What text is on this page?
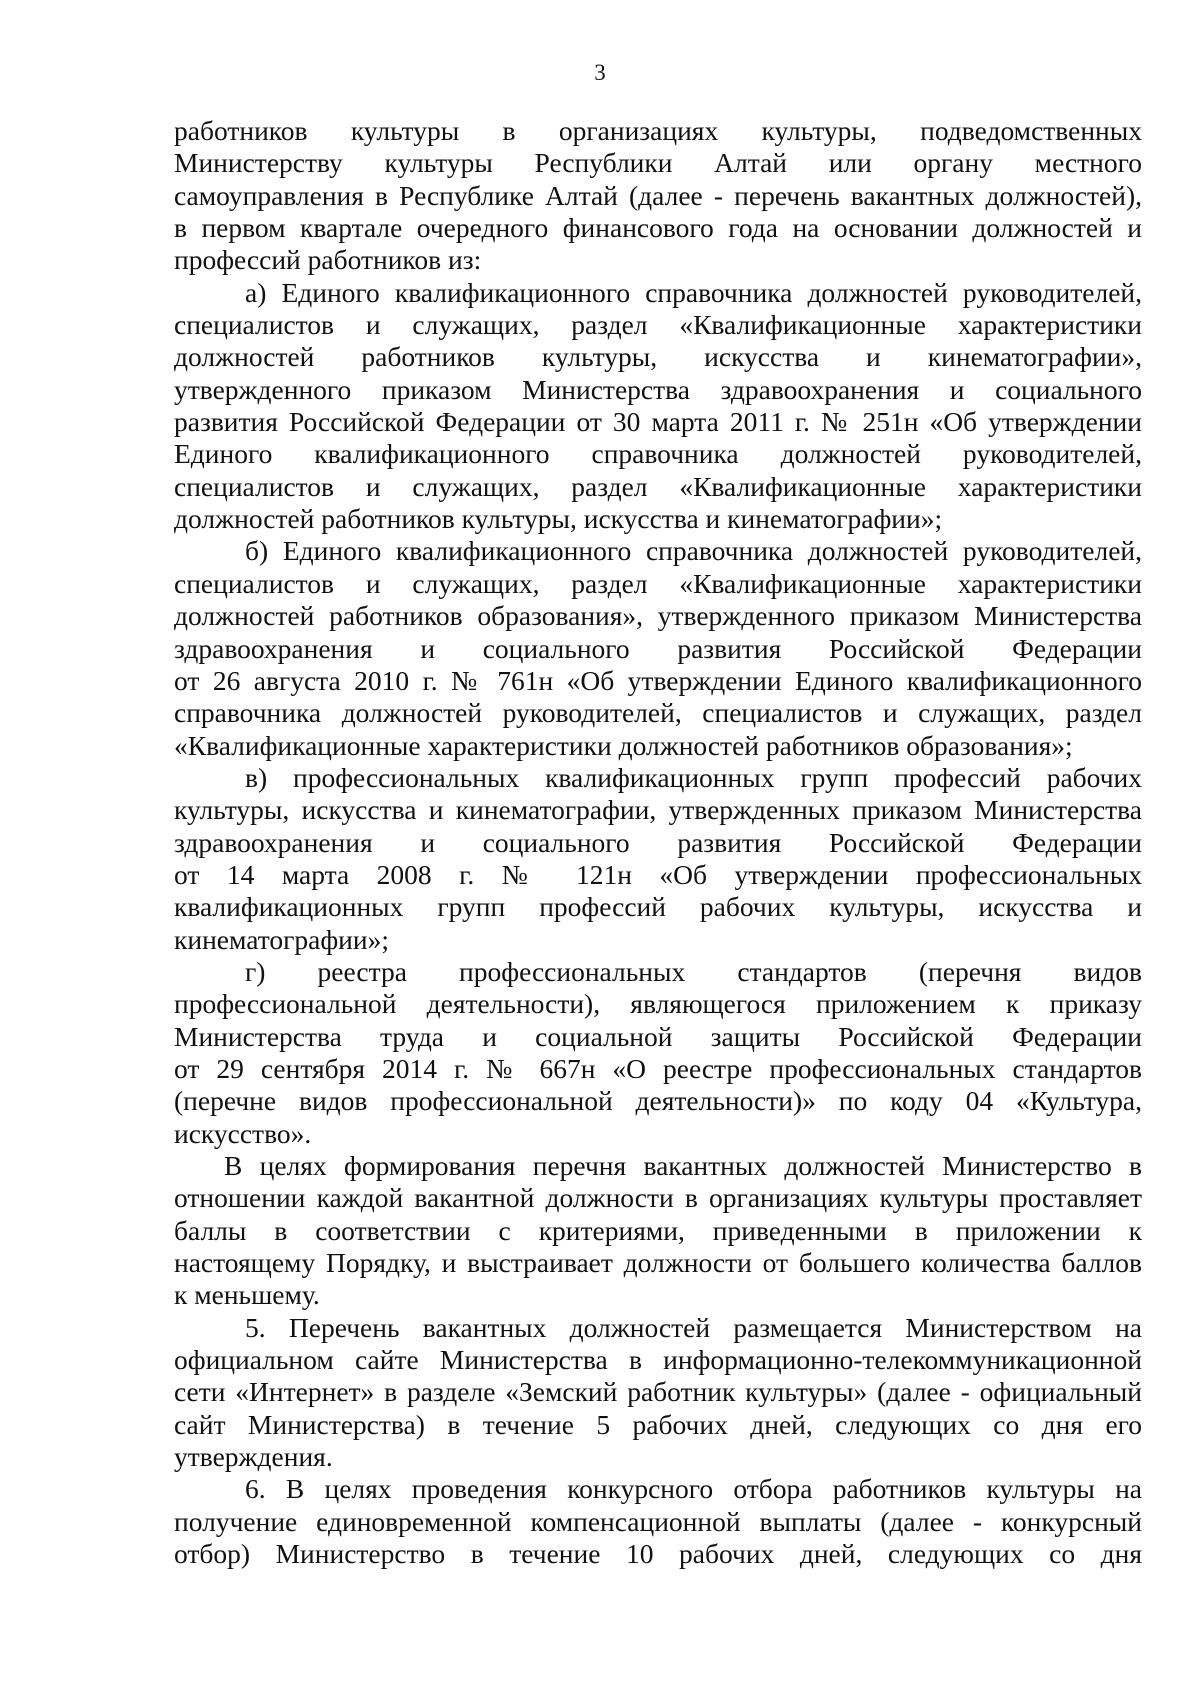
3
работников культуры в организациях культуры, подведомственных
Министерству культуры Республики Алтай или органу местного
самоуправления в Республике Алтай (далее - перечень вакантных должностей),
в первом квартале очередного финансового года на основании должностей и
профессий работников из:
а) Единого квалификационного справочника должностей руководителей,
специалистов и служащих, раздел «Квалификационные характеристики
должностей работников культуры, искусства и кинематографии»,
утвержденного приказом Министерства здравоохранения и социального
развития Российской Федерации от 30 марта 2011 г. № 251н «Об утверждении
Единого квалификационного справочника должностей руководителей,
специалистов и служащих, раздел «Квалификационные характеристики
должностей работников культуры, искусства и кинематографии»;
б) Единого квалификационного справочника должностей руководителей,
специалистов и служащих, раздел «Квалификационные характеристики
должностей работников образования», утвержденного приказом Министерства
здравоохранения и социального развития Российской Федерации
от 26 августа 2010 г. № 761н «Об утверждении Единого квалификационного
справочника должностей руководителей, специалистов и служащих, раздел
«Квалификационные характеристики должностей работников образования»;
в) профессиональных квалификационных групп профессий рабочих
культуры, искусства и кинематографии, утвержденных приказом Министерства
здравоохранения и социального развития Российской Федерации
от 14 марта 2008 г. № 121н «Об утверждении профессиональных
квалификационных групп профессий рабочих культуры, искусства и
кинематографии»;
г) реестра профессиональных стандартов (перечня видов
профессиональной деятельности), являющегося приложением к приказу
Министерства труда и социальной защиты Российской Федерации
от 29 сентября 2014 г. № 667н «О реестре профессиональных стандартов
(перечне видов профессиональной деятельности)» по коду 04 «Культура,
искусство».
В целях формирования перечня вакантных должностей Министерство в
отношении каждой вакантной должности в организациях культуры проставляет
баллы в соответствии с критериями, приведенными в приложении к
настоящему Порядку, и выстраивает должности от большего количества баллов
к меньшему.
5. Перечень вакантных должностей размещается Министерством на
официальном сайте Министерства в информационно-телекоммуникационной
сети «Интернет» в разделе «Земский работник культуры» (далее - официальный
сайт Министерства) в течение 5 рабочих дней, следующих со дня его
утверждения.
6. В целях проведения конкурсного отбора работников культуры на
получение единовременной компенсационной выплаты (далее - конкурсный
отбор) Министерство в течение 10 рабочих дней, следующих со дня
